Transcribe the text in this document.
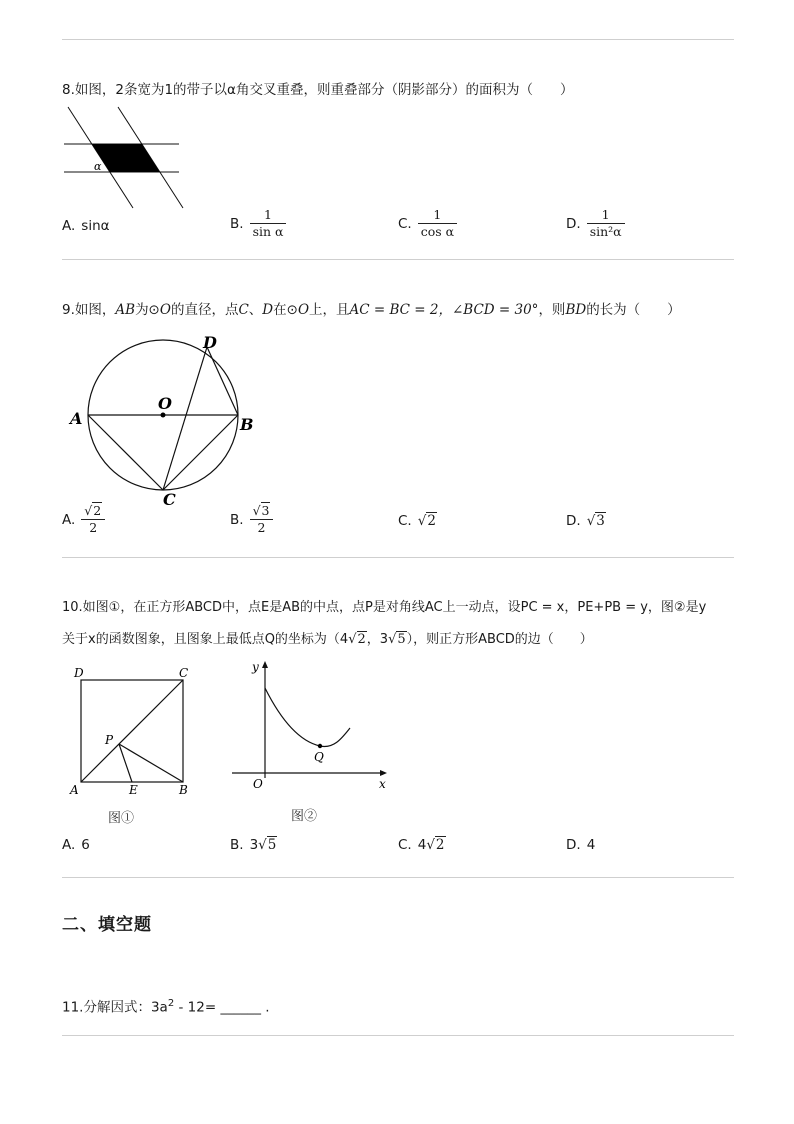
8.如图，2条宽为1的带子以α角交叉重叠，则重叠部分（阴影部分）的面积为（　　）
α
A. sinα	B. $\frac{1}{\text{sin α}}$	C. $\frac{1}{\text{cos α}}$	D. $\frac{1}{\text{sin²α}}$
9.如图，AB为⊙O的直径，点C、D在⊙O上，且AC = BC = 2，∠BCD = 30°，则BD的长为（　　）
O
A	B
C
D
A. $\frac{√2}{2}$	B. $\frac{√3}{2}$	C. √2	D. √3
10.如图①，在正方形ABCD中，点E是AB的中点，点P是对角线AC上一动点，设PC = x，PE+PB = y，图②是y
关于x的函数图象，且图象上最低点Q的坐标为（4√2，3√5），则正方形ABCD的边（　　）
D	C
A	B
E
P
图①
y
x
O
Q
图②
A. 6	B. 3√5	C. 4√2	D. 4
二、填空题
11.分解因式：$3a^2 - 12=$ ______ .
